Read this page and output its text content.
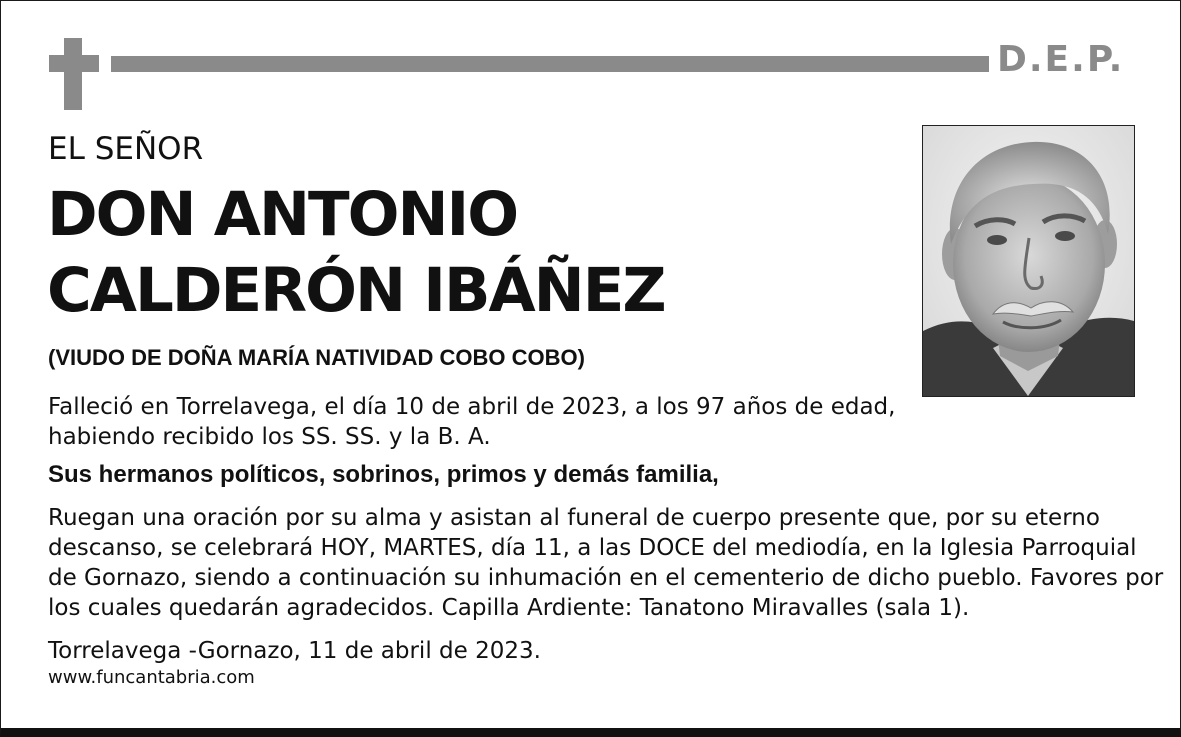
D.E.P.
EL SEÑOR
DON ANTONIO
CALDERÓN IBÁÑEZ
(VIUDO DE DOÑA MARÍA NATIVIDAD COBO COBO)
Falleció en Torrelavega, el día 10 de abril de 2023, a los 97 años de edad,
habiendo recibido los SS. SS. y la B. A.
Sus hermanos políticos, sobrinos, primos y demás familia,
Ruegan una oración por su alma y asistan al funeral de cuerpo presente que, por su eterno
descanso, se celebrará HOY, MARTES, día 11, a las DOCE del mediodía, en la Iglesia Parroquial
de Gornazo, siendo a continuación su inhumación en el cementerio de dicho pueblo. Favores por
los cuales quedarán agradecidos. Capilla Ardiente: Tanatono Miravalles (sala 1).
Torrelavega -Gornazo, 11 de abril de 2023.
www.funcantabria.com
